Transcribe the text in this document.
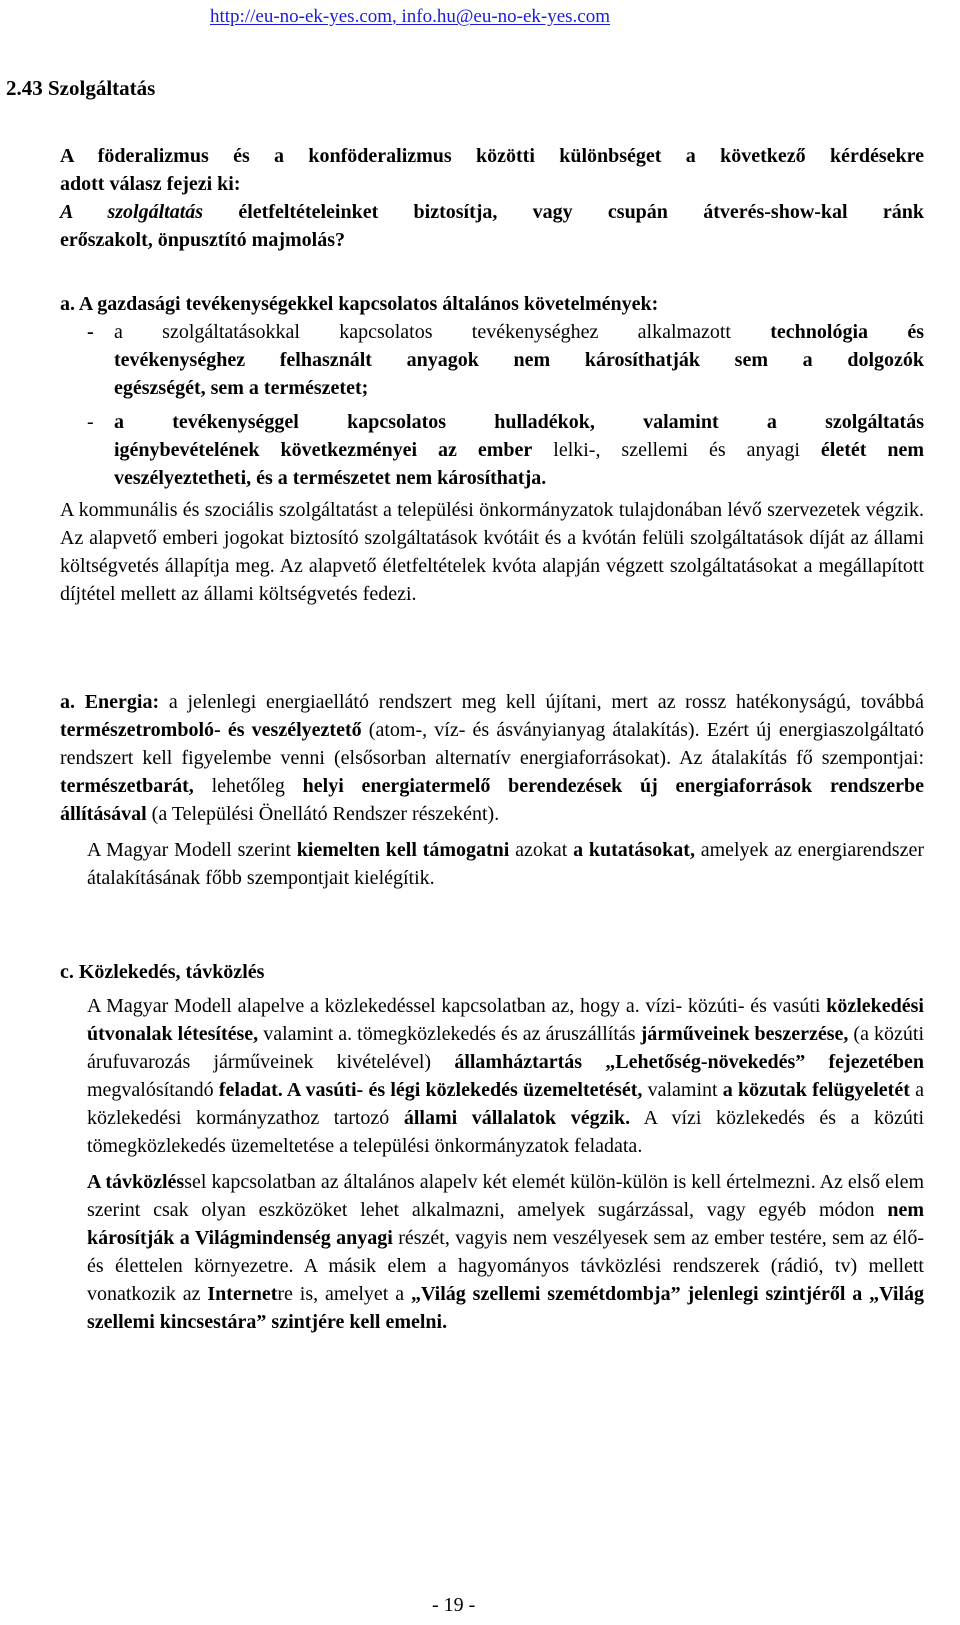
http://eu-no-ek-yes.com, info.hu@eu-no-ek-yes.com
2.43 Szolgáltatás

A föderalizmus és a konföderalizmus közötti különbséget a következő kérdésekre

adott válasz fejezi ki:

A szolgáltatás életfeltételeinket biztosítja, vagy csupán átverés-show-kal ránk

erőszakolt, önpusztító majmolás?

a. A gazdasági tevékenységekkel kapcsolatos általános követelmények:

- a szolgáltatásokkal kapcsolatos tevékenységhez alkalmazott technológia és

tevékenységhez felhasznált anyagok nem károsíthatják sem a dolgozók

egészségét, sem a természetet;

- a tevékenységgel kapcsolatos hulladékok, valamint a szolgáltatás

igénybevételének következményei az ember lelki-, szellemi és anyagi életét nem

veszélyeztetheti, és a természetet nem károsíthatja.

A kommunális és szociális szolgáltatást a települési önkormányzatok tulajdonában lévő szervezetek végzik. Az alapvető emberi jogokat biztosító szolgáltatások kvótáit és a kvótán felüli szolgáltatások díját az állami költségvetés állapítja meg. Az alapvető életfeltételek kvóta alapján végzett szolgáltatásokat a megállapított díjtétel mellett az állami költségvetés fedezi.

a. Energia: a jelenlegi energiaellátó rendszert meg kell újítani, mert az rossz hatékonyságú, továbbá természetromboló- és veszélyeztető (atom-, víz- és ásványianyag átalakítás). Ezért új energiaszolgáltató rendszert kell figyelembe venni (elsősorban alternatív energiaforrásokat). Az átalakítás fő szempontjai: természetbarát, lehetőleg helyi energiatermelő berendezések új energiaforrások rendszerbe állításával (a Települési Önellátó Rendszer részeként).

A Magyar Modell szerint kiemelten kell támogatni azokat a kutatásokat, amelyek az energiarendszer átalakításának főbb szempontjait kielégítik.

c. Közlekedés, távközlés

A Magyar Modell alapelve a közlekedéssel kapcsolatban az, hogy a. vízi- közúti- és vasúti közlekedési útvonalak létesítése, valamint a. tömegközlekedés és az áruszállítás járműveinek beszerzése, (a közúti árufuvarozás járműveinek kivételével) államháztartás „Lehetőség-növekedés” fejezetében megvalósítandó feladat. A vasúti- és légi közlekedés üzemeltetését, valamint a közutak felügyeletét a közlekedési kormányzathoz tartozó állami vállalatok végzik. A vízi közlekedés és a közúti tömegközlekedés üzemeltetése a települési önkormányzatok feladata.

A távközléssel kapcsolatban az általános alapelv két elemét külön-külön is kell értelmezni. Az első elem szerint csak olyan eszközöket lehet alkalmazni, amelyek sugárzással, vagy egyéb módon nem károsítják a Világmindenség anyagi részét, vagyis nem veszélyesek sem az ember testére, sem az élő- és élettelen környezetre. A másik elem a hagyományos távközlési rendszerek (rádió, tv) mellett vonatkozik az Internetre is, amelyet a „Világ szellemi szemétdombja” jelenlegi szintjéről a „Világ szellemi kincsestára” szintjére kell emelni.

- 19 -
